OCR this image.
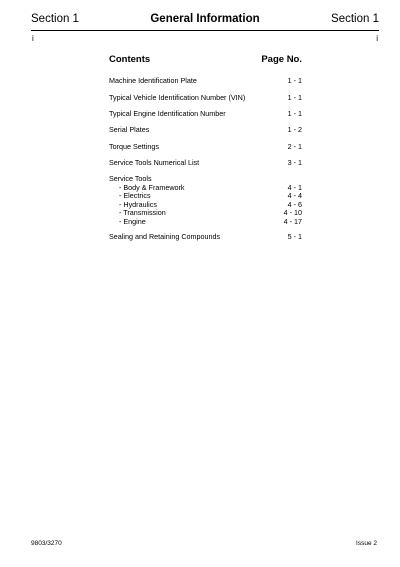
Section 1	General Information	Section 1
i	i
Contents	Page No.
Machine Identification Plate	1 - 1
Typical Vehicle Identification Number (VIN)	1 - 1
Typical Engine Identification Number	1 - 1
Serial Plates	1 - 2
Torque Settings	2 - 1
Service Tools Numerical List	3 - 1
Service Tools
- Body & Framework	4 - 1
- Electrics	4 - 4
- Hydraulics	4 - 6
- Transmission	4 - 10
- Engine	4 - 17
Sealing and Retaining Compounds	5 - 1
9803/3270	Issue 2
